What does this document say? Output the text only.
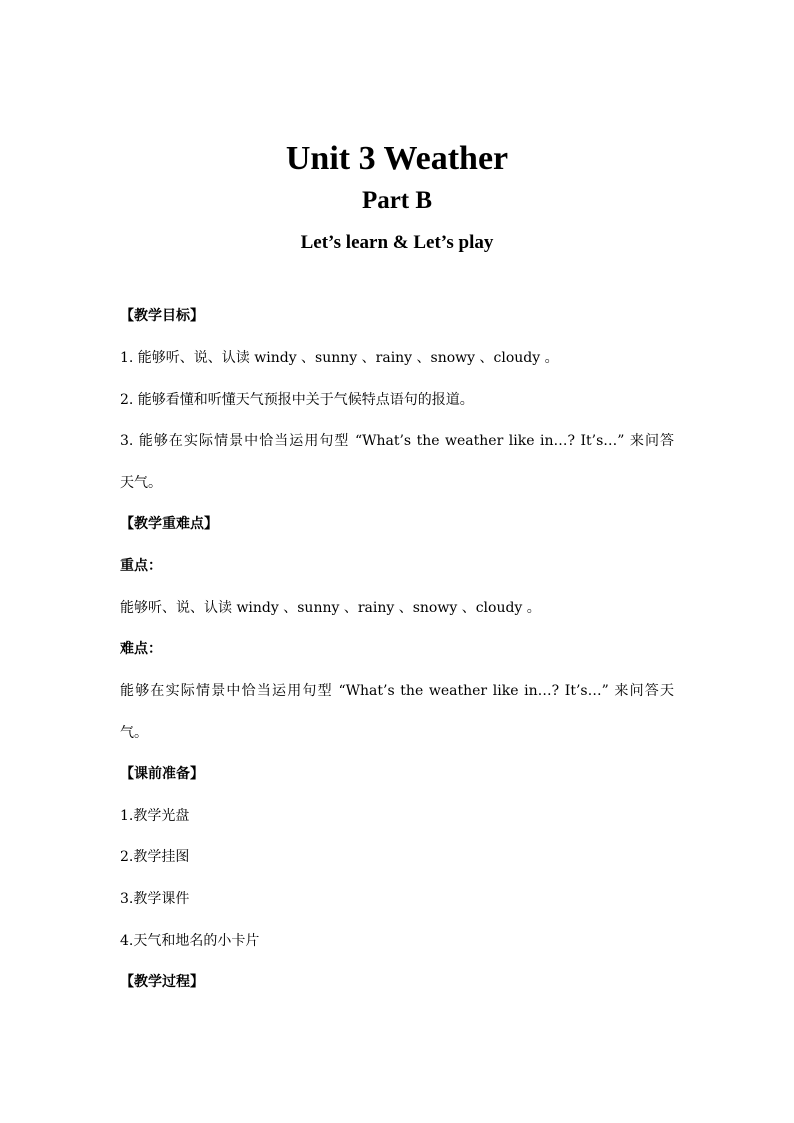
Unit 3 Weather
Part B
Let’s learn & Let’s play

【教学目标】

1. 能够听、说、认读 windy 、sunny 、rainy 、snowy 、cloudy 。

2. 能够看懂和听懂天气预报中关于气候特点语句的报道。

3. 能够在实际情景中恰当运用句型 “What’s the weather like in…? It’s…” 来问答

天气。

【教学重难点】

重点：

能够听、说、认读 windy 、sunny 、rainy 、snowy 、cloudy 。

难点：

能够在实际情景中恰当运用句型 “What’s the weather like in…? It’s…” 来问答天

气。

【课前准备】

1.教学光盘

2.教学挂图

3.教学课件

4.天气和地名的小卡片

【教学过程】
